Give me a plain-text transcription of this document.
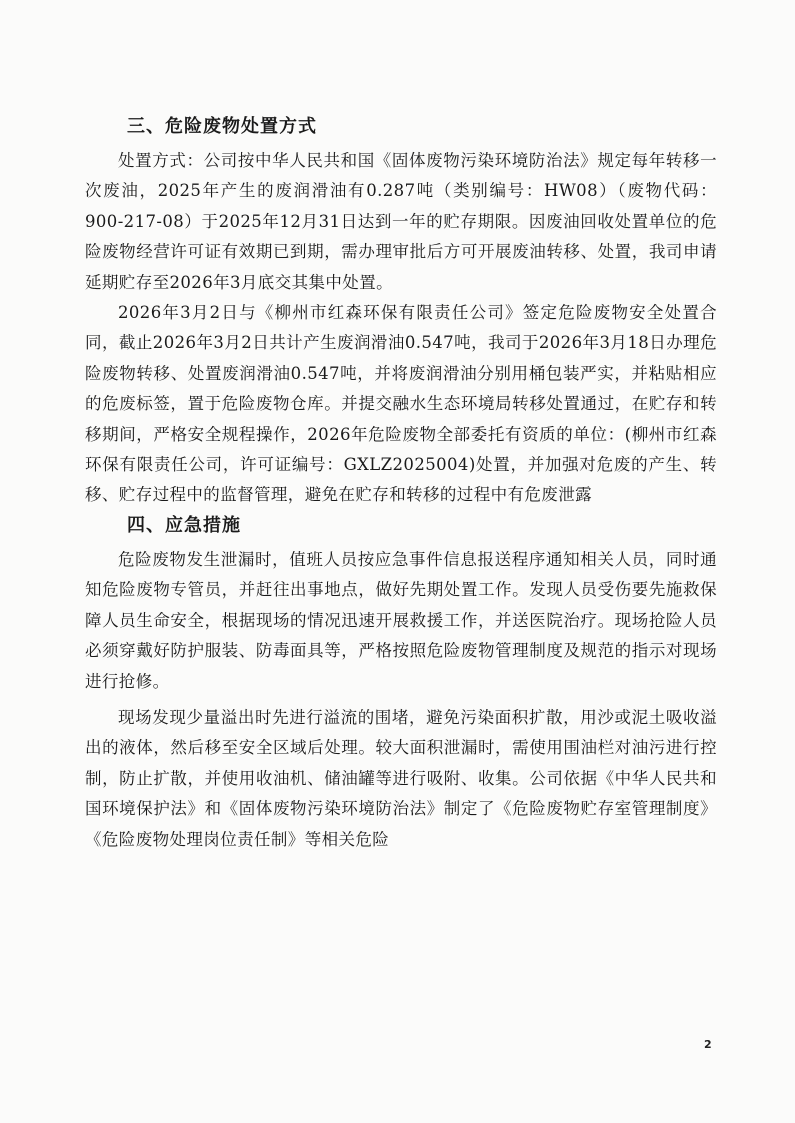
三、危险废物处置方式

处置方式：公司按中华人民共和国《固体废物污染环境防治法》规定每年转移一次废油，2025年产生的废润滑油有0.287吨（类别编号：HW08）（废物代码：900-217-08）于2025年12月31日达到一年的贮存期限。因废油回收处置单位的危险废物经营许可证有效期已到期，需办理审批后方可开展废油转移、处置，我司申请延期贮存至2026年3月底交其集中处置。

2026年3月2日与《柳州市红森环保有限责任公司》签定危险废物安全处置合同，截止2026年3月2日共计产生废润滑油0.547吨，我司于2026年3月18日办理危险废物转移、处置废润滑油0.547吨，并将废润滑油分别用桶包装严实，并粘贴相应的危废标签，置于危险废物仓库。并提交融水生态环境局转移处置通过，在贮存和转移期间，严格安全规程操作，2026年危险废物全部委托有资质的单位：(柳州市红森环保有限责任公司，许可证编号：GXLZ2025004)处置，并加强对危废的产生、转移、贮存过程中的监督管理，避免在贮存和转移的过程中有危废泄露

四、应急措施

危险废物发生泄漏时，值班人员按应急事件信息报送程序通知相关人员，同时通知危险废物专管员，并赶往出事地点，做好先期处置工作。发现人员受伤要先施救保障人员生命安全，根据现场的情况迅速开展救援工作，并送医院治疗。现场抢险人员必须穿戴好防护服装、防毒面具等，严格按照危险废物管理制度及规范的指示对现场进行抢修。

现场发现少量溢出时先进行溢流的围堵，避免污染面积扩散，用沙或泥土吸收溢出的液体，然后移至安全区域后处理。较大面积泄漏时，需使用围油栏对油污进行控制，防止扩散，并使用收油机、储油罐等进行吸附、收集。公司依据《中华人民共和国环境保护法》和《固体废物污染环境防治法》制定了《危险废物贮存室管理制度》《危险废物处理岗位责任制》等相关危险

2
